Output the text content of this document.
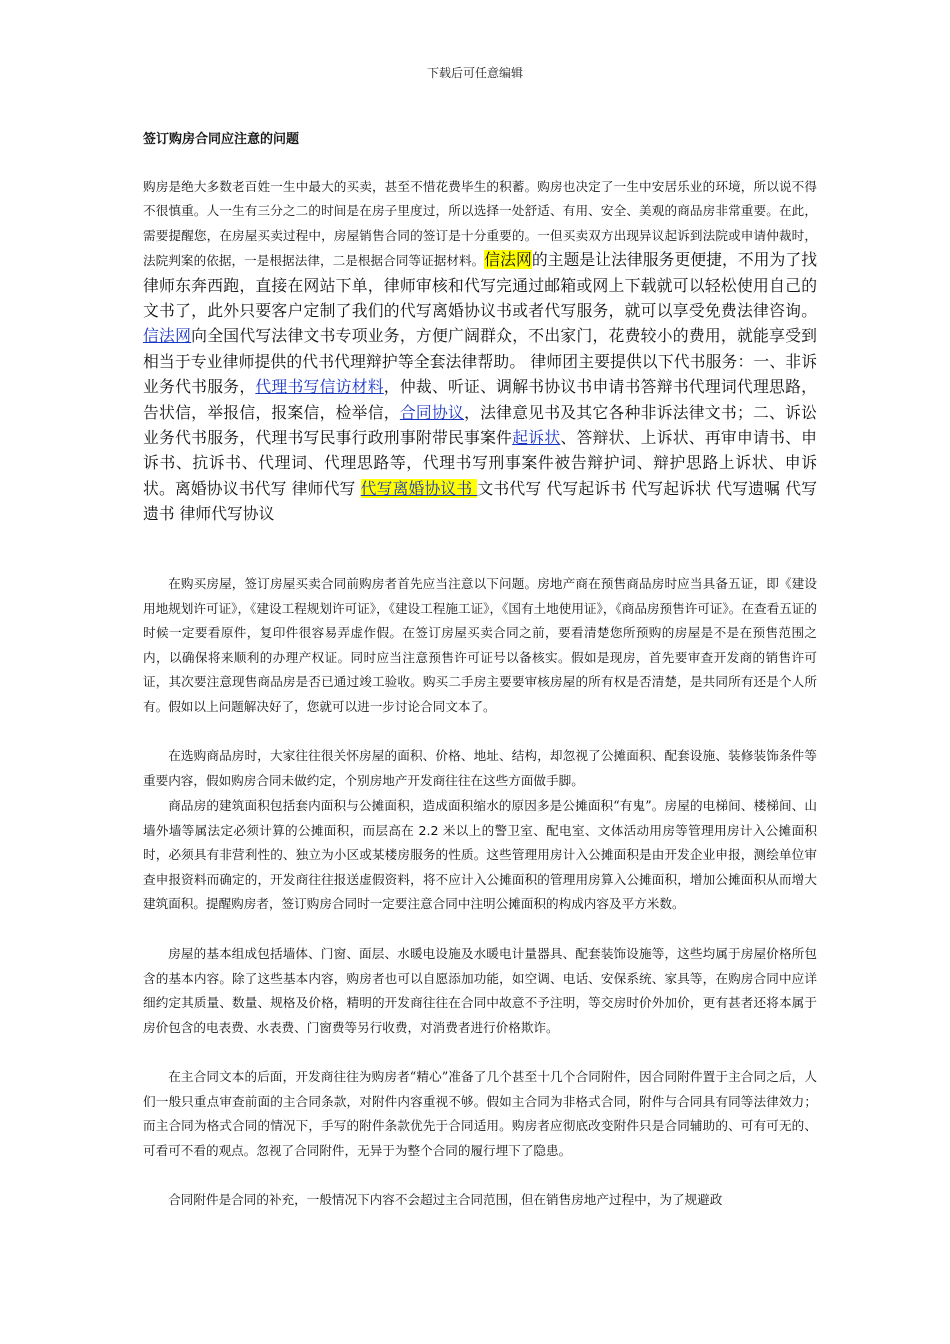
下载后可任意编辑
签订购房合同应注意的问题

购房是绝大多数老百姓一生中最大的买卖，甚至不惜花费毕生的积蓄。购房也决定了一生中安居乐业的环境，所以说不得不很慎重。人一生有三分之二的时间是在房子里度过，所以选择一处舒适、有用、安全、美观的商品房非常重要。在此，需要提醒您，在房屋买卖过程中，房屋销售合同的签订是十分重要的。一但买卖双方出现异议起诉到法院或申请仲裁时，法院判案的依据，一是根据法律，二是根据合同等证据材料。信法网的主题是让法律服务更便捷，不用为了找律师东奔西跑，直接在网站下单，律师审核和代写完通过邮箱或网上下载就可以轻松使用自己的文书了，此外只要客户定制了我们的代写离婚协议书或者代写服务，就可以享受免费法律咨询。信法网向全国代写法律文书专项业务，方便广阔群众，不出家门，花费较小的费用，就能享受到相当于专业律师提供的代书代理辩护等全套法律帮助。 律师团主要提供以下代书服务：一、非诉业务代书服务，代理书写信访材料，仲裁、听证、调解书协议书申请书答辩书代理词代理思路，告状信，举报信，报案信，检举信，合同协议，法律意见书及其它各种非诉法律文书；二、诉讼业务代书服务，代理书写民事行政刑事附带民事案件起诉状、答辩状、上诉状、再审申请书、申诉书、抗诉书、代理词、代理思路等，代理书写刑事案件被告辩护词、辩护思路上诉状、申诉状。离婚协议书代写 律师代写 代写离婚协议书 文书代写 代写起诉书 代写起诉状 代写遗嘱 代写遗书 律师代写协议

在购买房屋，签订房屋买卖合同前购房者首先应当注意以下问题。房地产商在预售商品房时应当具备五证，即《建设用地规划许可证》，《建设工程规划许可证》，《建设工程施工证》，《国有土地使用证》，《商品房预售许可证》。在查看五证的时候一定要看原件，复印件很容易弄虚作假。在签订房屋买卖合同之前，要看清楚您所预购的房屋是不是在预售范围之内，以确保将来顺利的办理产权证。同时应当注意预售许可证号以备核实。假如是现房，首先要审查开发商的销售许可证，其次要注意现售商品房是否已通过竣工验收。购买二手房主要要审核房屋的所有权是否清楚，是共同所有还是个人所有。假如以上问题解决好了，您就可以进一步讨论合同文本了。

在选购商品房时，大家往往很关怀房屋的面积、价格、地址、结构，却忽视了公摊面积、配套设施、装修装饰条件等重要内容，假如购房合同未做约定，个别房地产开发商往往在这些方面做手脚。

商品房的建筑面积包括套内面积与公摊面积，造成面积缩水的原因多是公摊面积“有鬼”。房屋的电梯间、楼梯间、山墙外墙等属法定必须计算的公摊面积，而层高在 2.2 米以上的警卫室、配电室、文体活动用房等管理用房计入公摊面积时，必须具有非营利性的、独立为小区或某楼房服务的性质。这些管理用房计入公摊面积是由开发企业申报，测绘单位审查申报资料而确定的，开发商往往报送虚假资料，将不应计入公摊面积的管理用房算入公摊面积，增加公摊面积从而增大建筑面积。提醒购房者，签订购房合同时一定要注意合同中注明公摊面积的构成内容及平方米数。

房屋的基本组成包括墙体、门窗、面层、水暖电设施及水暖电计量器具、配套装饰设施等，这些均属于房屋价格所包含的基本内容。除了这些基本内容，购房者也可以自愿添加功能，如空调、电话、安保系统、家具等，在购房合同中应详细约定其质量、数量、规格及价格，精明的开发商往往在合同中故意不予注明，等交房时价外加价，更有甚者还将本属于房价包含的电表费、水表费、门窗费等另行收费，对消费者进行价格欺诈。

在主合同文本的后面，开发商往往为购房者“精心”准备了几个甚至十几个合同附件，因合同附件置于主合同之后，人们一般只重点审查前面的主合同条款，对附件内容重视不够。假如主合同为非格式合同，附件与合同具有同等法律效力；而主合同为格式合同的情况下，手写的附件条款优先于合同适用。购房者应彻底改变附件只是合同辅助的、可有可无的、可看可不看的观点。忽视了合同附件，无异于为整个合同的履行埋下了隐患。

合同附件是合同的补充，一般情况下内容不会超过主合同范围，但在销售房地产过程中，为了规避政
